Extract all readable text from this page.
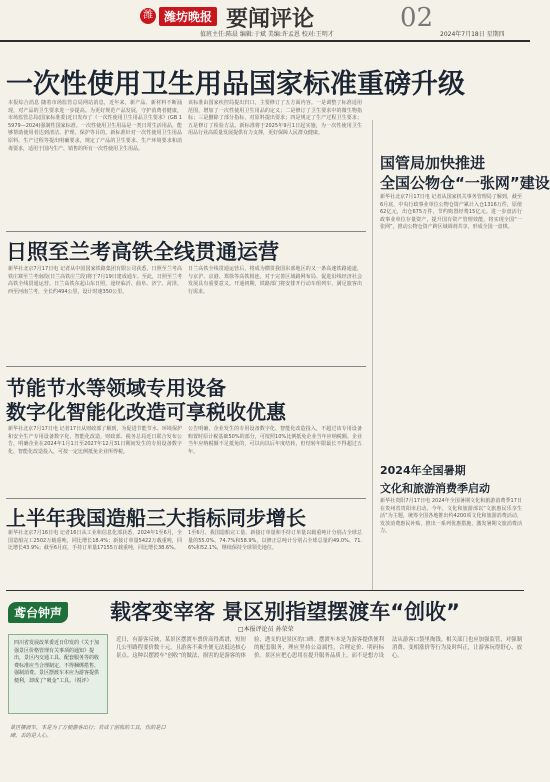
潍 潍坊晚报 要闻评论	02
值班主任:陈晨 编辑:于斌 美编:许孟恩 校对:王明才	2024年7月18日 星期四
一次性使用卫生用品国家标准重磅升级
本报综合消息 随着市场监管总局网站消息，近年来，新产品、新材料不断涌现，对产品的卫生要求进一步提高。为更好规范产品发展，守护消费者健康，市场监管总局(国家标准委)近日发布了《一次性使用卫生用品卫生要求》(GB 15979—2024)强制性国家标准。一次性使用卫生用品是一类日常生活用品，能够帮助使用者达到清洁、护理、保护等目的。新标准针对一次性使用卫生用品原料、生产过程等提出明确要求，规定了产品的卫生要求、生产环境要求和消毒要求，适用于国内生产、销售的所有一次性使用卫生用品。
该标准由国家疾控局提出归口，主要修订了五方面内容。一是调整了标准适用范围，增加了一次性使用卫生用品的定义；二是修订了卫生要求中的微生物指标；三是删除了部分指标，对原料提出要求；四是规定了生产过程卫生要求；五是修订了检验方法。新标准将于2025年9月1日起实施，为一次性使用卫生用品行业高质量发展提供有力支撑，更好保障人民群众健康。
日照至兰考高铁全线贯通运营
新华社北京7月17日电 记者从中国国家铁路集团有限公司获悉，日照至兰考高铁庄寨至兰考南段(日兰高铁庄兰段)将于7月19日建成通车。至此，日照至兰考高铁全线贯通运营。日兰高铁东起山东日照，途经临沂、曲阜、济宁、菏泽，西至河南兰考，全长约494公里，设计时速350公里。
日兰高铁全线贯通运营后，将成为横贯我国东部地区的又一条高速铁路通道，与京沪、京港、郑徐等高铁相连，对于完善区域路网布局、促进沿线经济社会发展具有重要意义。开通初期，铁路部门将安排开行动车组列车，满足旅客出行需求。
节能节水等领域专用设备
数字化智能化改造可享税收优惠
新华社北京7月17日电 记者17日从财政部了解到，为促进节能节水、环境保护和安全生产专用设备数字化、智能化改造，财政部、税务总局近日联合发布公告，明确企业在2024年1月1日至2027年12月31日期间发生的专用设备数字化、智能化改造投入，可按一定比例抵免企业所得税。
公告明确，企业发生的专用设备数字化、智能化改造投入，不超过该专用设备购置时原计税基础50%的部分，可按照10%比例抵免企业当年应纳税额。企业当年应纳税额不足抵免的，可以向以后年度结转，但结转年限最长不得超过五年。
上半年我国造船三大指标同步增长
新华社北京7月16日电 记者16日从工业和信息化部获悉，2024年1至6月，全国造船完工2502万载重吨，同比增长18.4%；新接订单量5422万载重吨，同比增长43.9%；截至6月底，手持订单量17155万载重吨，同比增长38.6%。
1至6月，我国造船完工量、新接订单量和手持订单量以载重吨计分别占全球总量的55.0%、74.7%和58.9%，以修正总吨计分别占全球总量的49.0%、71.6%和52.1%，继续保持全球领先地位。
国管局加快推进
全国公物仓“一张网”建设
新华社北京7月17日电 记者从国家机关事务管理局了解到，截至6月底，中央行政事业单位公物仓资产累计入仓1316万件，原值62亿元，出仓675万件，节约购置经费15亿元。进一步盘活行政事业单位存量资产，提升国有资产管理效能，将实现全国“一张网”，推动公物仓资产跨区域调剂共享，形成全国一盘棋。
2024年全国暑期
文化和旅游消费季启动
新华社贵阳7月17日电 2024年全国暑期文化和旅游消费季17日在贵州省贵阳市启动。今年，文化和旅游部以“文旅惠民乐享生活”为主题，统筹全国各地推出约4200项文化和旅游消费活动，发放消费惠民补贴，推出一系列优惠措施，激发暑期文旅消费活力。
鸢台钟声 载客变宰客 景区别指望摆渡车“创收”
□本报评论员 孙荣荣
四川省发展改革委近日印发的《关于加强景区价格管理有关事项的通知》提出，景区内交通工具、配套服务等的收费标准应当合理制定，不得捆绑搭售、强制消费。景区摆渡车本应为游客提供便利，却成了“吸金”工具。（锐评）
近日，有游客反映，某景区摆渡车票价高得离谱，短短几公里路程要价数十元，且游客不乘坐便无法抵达核心景点。这种以摆渡车“创收”的做法，损害的是游客的体验，透支的是景区的口碑。摆渡车本是为游客提供便利的配套服务，理应坚持公益属性，合理定价、明码标价。景区应把心思用在提升服务品质上，而不是想方设法从游客口袋里掏钱。相关部门也应加强监管，对强制消费、变相涨价等行为及时纠正，让游客玩得舒心、放心。
景区摆渡车，本是为了方便游客出行；若成了创收的工具，伤的是口碑，丢的是人心。
